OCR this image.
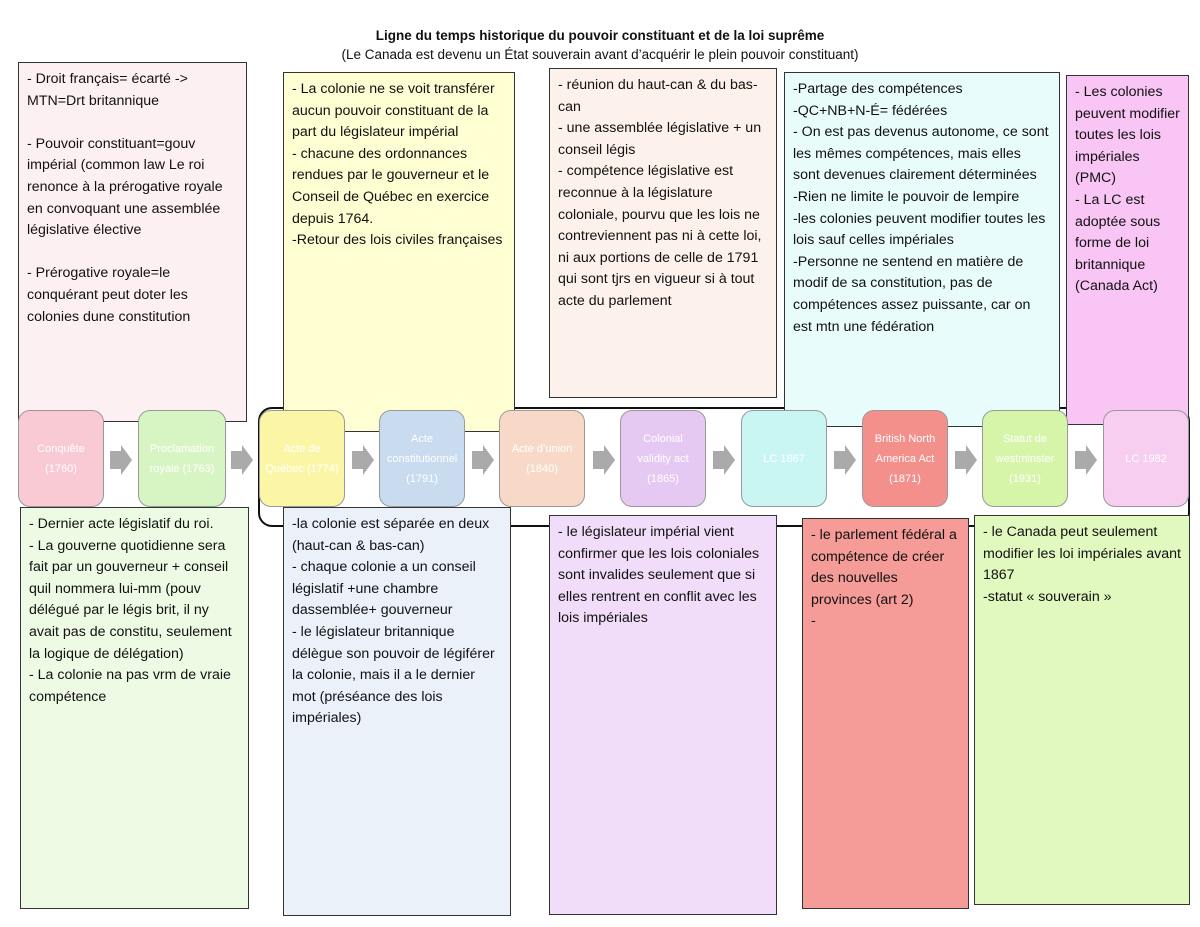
Ligne du temps historique du pouvoir constituant et de la loi suprême
(Le Canada est devenu un État souverain avant d’acquérir le plein pouvoir constituant)
- Droit français= écarté -> MTN=Drt britannique

- Pouvoir constituant=gouv impérial (common law Le roi renonce à la prérogative royale en convoquant une assemblée législative élective

- Prérogative royale=le conquérant peut doter les colonies dune constitution
- La colonie ne se voit transférer aucun pouvoir constituant de la part du législateur impérial
- chacune des ordonnances rendues par le gouverneur et le Conseil de Québec en exercice depuis 1764.
-Retour des lois civiles françaises
- réunion du haut-can & du bas-can
- une assemblée législative + un conseil légis
- compétence législative est reconnue à la législature coloniale, pourvu que les lois ne contreviennent pas ni à cette loi, ni aux portions de celle de 1791 qui sont tjrs en vigueur si à tout acte du parlement
-Partage des compétences
-QC+NB+N-É= fédérées
- On est pas devenus autonome, ce sont les mêmes compétences, mais elles sont devenues clairement déterminées
-Rien ne limite le pouvoir de lempire
-les colonies peuvent modifier toutes les lois sauf celles impériales
-Personne ne sentend en matière de modif de sa constitution, pas de compétences assez puissante, car on est mtn une fédération
- Les colonies peuvent modifier toutes les lois impériales (PMC)
- La LC est adoptée sous forme de loi britannique (Canada Act)
Conquête (1760)
Proclamation royale (1763)
Acte de Québec (1774)
Acte constitutionnel (1791)
Acte d’union (1840)
Colonial validity act (1865)
LC 1867
British North America Act (1871)
Statut de westminster (1931)
LC 1982
- Dernier acte législatif du roi.
- La gouverne quotidienne sera fait par un gouverneur + conseil quil nommera lui-mm (pouv délégué par le légis brit, il ny avait pas de constitu, seulement la logique de délégation)
- La colonie na pas vrm de vraie compétence
-la colonie est séparée en deux (haut-can & bas-can)
- chaque colonie a un conseil législatif +une chambre dassemblée+ gouverneur
- le législateur britannique délègue son pouvoir de légiférer la colonie, mais il a le dernier mot (préséance des lois impériales)
- le législateur impérial vient confirmer que les lois coloniales sont invalides seulement que si elles rentrent en conflit avec les lois impériales
- le parlement fédéral a compétence de créer des nouvelles provinces (art 2)
-
- le Canada peut seulement modifier les loi impériales avant 1867
-statut « souverain »
